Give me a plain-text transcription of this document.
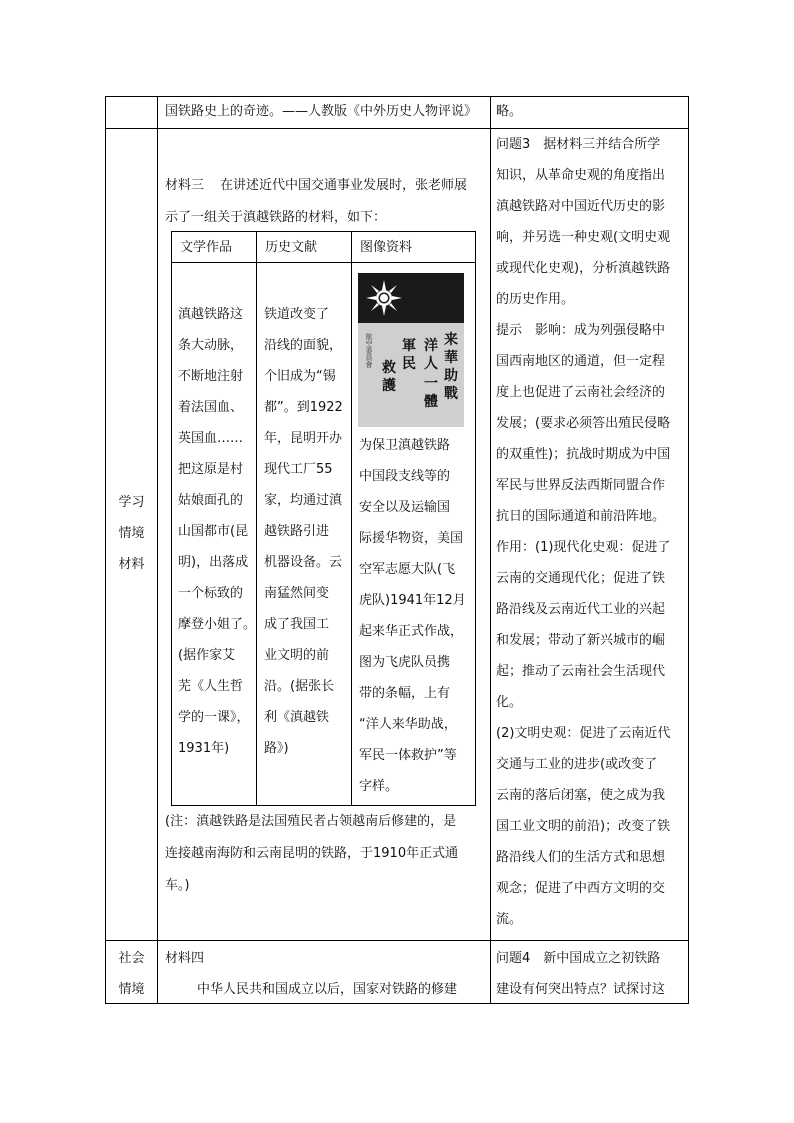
国铁路史上的奇迹。——人教版《中外历史人物评说》 略。
学习
情境
材料
材料三 在讲述近代中国交通事业发展时，张老师展
示了一组关于滇越铁路的材料，如下：
文学作品	历史文献	图像资料
滇越铁路这
条大动脉，
不断地注射
着法国血、
英国血……
把这原是村
姑娘面孔的
山国都市(昆
明)，出落成
一个标致的
摩登小姐了。
(据作家艾
芜《人生哲
学的一课》，
1931年)
铁道改变了
沿线的面貌，
个旧成为“锡
都”。到1922
年，昆明开办
现代工厂55
家，均通过滇
越铁路引进
机器设备。云
南猛然间变
成了我国工
业文明的前
沿。(据张长
利《滇越铁
路》)
来
華
助
戰
洋
人
軍
民
一
體
救
護
航空委員會
为保卫滇越铁路
中国段支线等的
安全以及运输国
际援华物资，美国
空军志愿大队(飞
虎队)1941年12月
起来华正式作战，
图为飞虎队员携
带的条幅，上有
“洋人来华助战，
军民一体救护”等
字样。
(注：滇越铁路是法国殖民者占领越南后修建的，是
连接越南海防和云南昆明的铁路，于1910年正式通
车。)
问题3　据材料三并结合所学
知识，从革命史观的角度指出
滇越铁路对中国近代历史的影
响，并另选一种史观(文明史观
或现代化史观)，分析滇越铁路
的历史作用。
提示　影响：成为列强侵略中
国西南地区的通道，但一定程
度上也促进了云南社会经济的
发展；(要求必须答出殖民侵略
的双重性)；抗战时期成为中国
军民与世界反法西斯同盟合作
抗日的国际通道和前沿阵地。
作用：(1)现代化史观：促进了
云南的交通现代化；促进了铁
路沿线及云南近代工业的兴起
和发展；带动了新兴城市的崛
起；推动了云南社会生活现代
化。
(2)文明史观：促进了云南近代
交通与工业的进步(或改变了
云南的落后闭塞，使之成为我
国工业文明的前沿)；改变了铁
路沿线人们的生活方式和思想
观念；促进了中西方文明的交
流。
社会
情境
材料四
中华人民共和国成立以后，国家对铁路的修建
问题4　新中国成立之初铁路
建设有何突出特点？试探讨这
